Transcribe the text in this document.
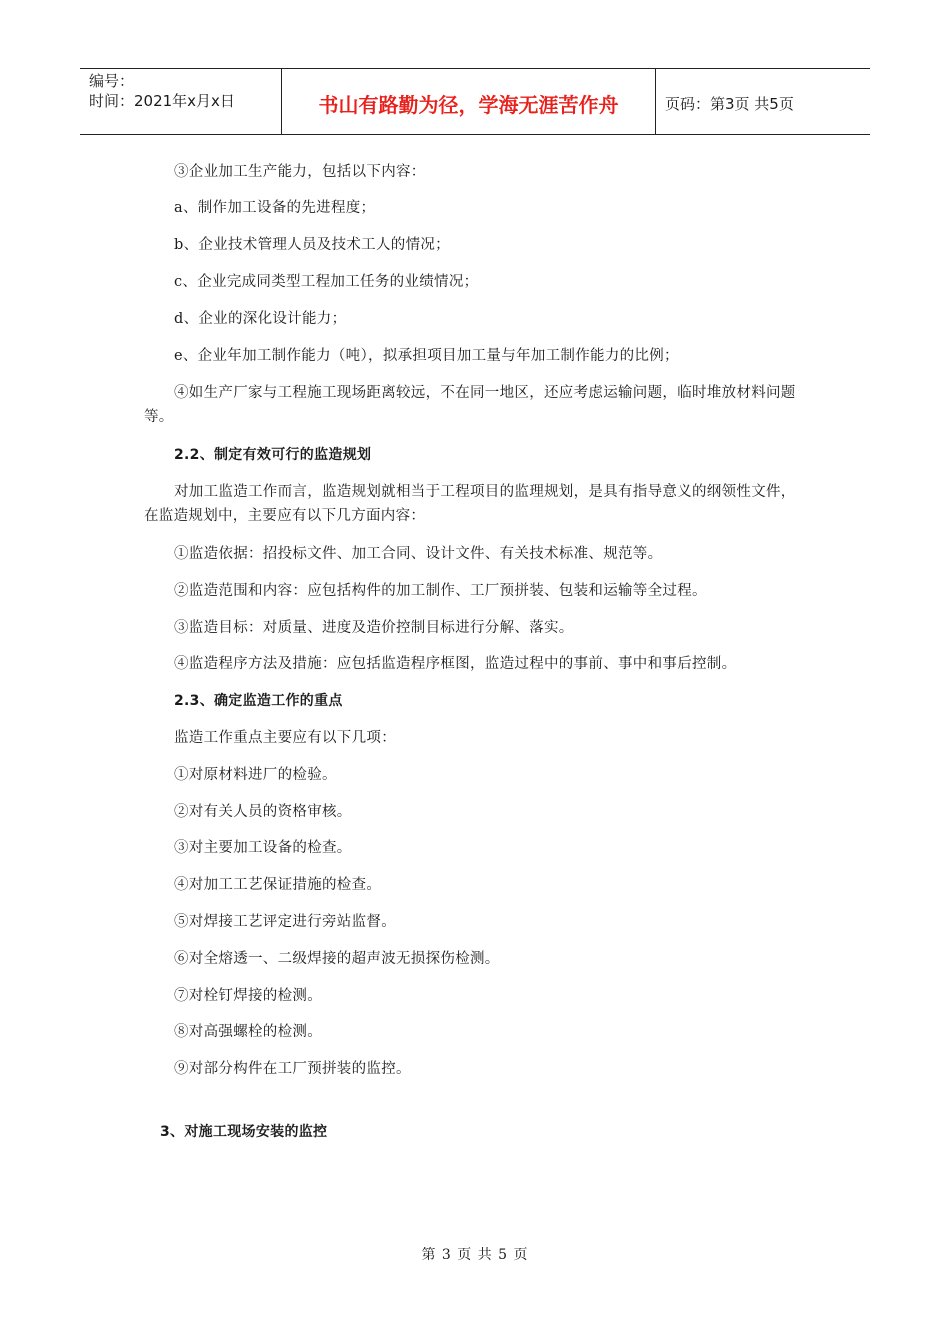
编号：
时间：2021年x月x日	书山有路勤为径，学海无涯苦作舟	页码：第3页 共5页
③企业加工生产能力，包括以下内容：
a、制作加工设备的先进程度；
b、企业技术管理人员及技术工人的情况；
c、企业完成同类型工程加工任务的业绩情况；
d、企业的深化设计能力；
e、企业年加工制作能力（吨），拟承担项目加工量与年加工制作能力的比例；
④如生产厂家与工程施工现场距离较远，不在同一地区，还应考虑运输问题，临时堆放材料问题等。
2.2、制定有效可行的监造规划
对加工监造工作而言，监造规划就相当于工程项目的监理规划，是具有指导意义的纲领性文件，在监造规划中，主要应有以下几方面内容：
①监造依据：招投标文件、加工合同、设计文件、有关技术标准、规范等。
②监造范围和内容：应包括构件的加工制作、工厂预拼装、包装和运输等全过程。
③监造目标：对质量、进度及造价控制目标进行分解、落实。
④监造程序方法及措施：应包括监造程序框图，监造过程中的事前、事中和事后控制。
2.3、确定监造工作的重点
监造工作重点主要应有以下几项：
①对原材料进厂的检验。
②对有关人员的资格审核。
③对主要加工设备的检查。
④对加工工艺保证措施的检查。
⑤对焊接工艺评定进行旁站监督。
⑥对全熔透一、二级焊接的超声波无损探伤检测。
⑦对栓钉焊接的检测。
⑧对高强螺栓的检测。
⑨对部分构件在工厂预拼装的监控。
3、对施工现场安装的监控
第 3 页 共 5 页
